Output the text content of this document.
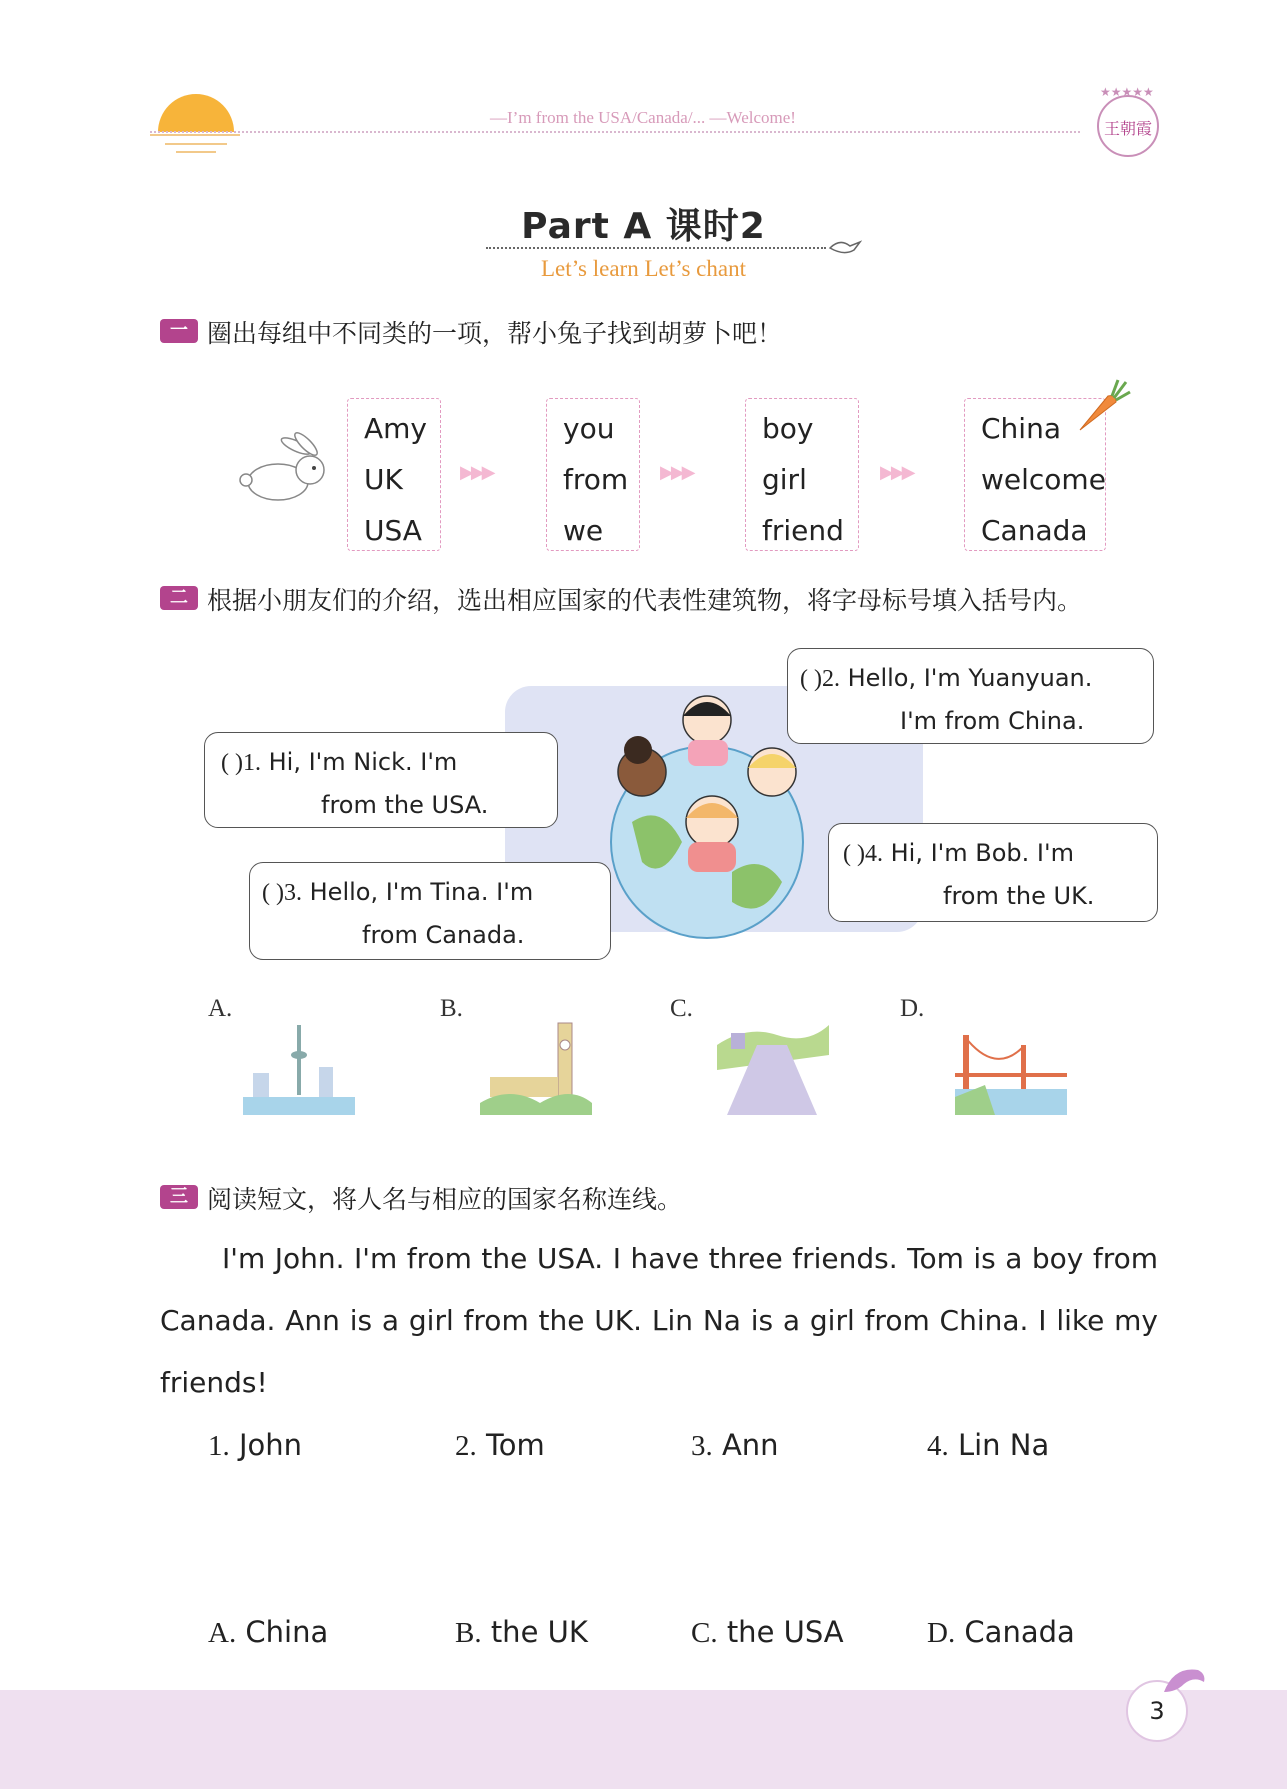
—I’m from the USA/Canada/... —Welcome!
★★★★★
王朝霞
Part A 课时2
Let’s learn Let’s chant
一 圈出每组中不同类的一项，帮小兔子找到胡萝卜吧！
Amy
UK
USA
▶▶▶
you
from
we
▶▶▶
boy
girl
friend
▶▶▶
China
welcome
Canada
二 根据小朋友们的介绍，选出相应国家的代表性建筑物，将字母标号填入括号内。
( )1. Hi, I'm Nick. I'm
from the USA.
( )2. Hello, I'm Yuanyuan.
I'm from China.
( )3. Hello, I'm Tina. I'm
from Canada.
( )4. Hi, I'm Bob. I'm
from the UK.
A.	B.	C.	D.
三 阅读短文，将人名与相应的国家名称连线。
I'm John. I'm from the USA. I have three friends. Tom is a boy from Canada. Ann is a girl from the UK. Lin Na is a girl from China. I like my friends!
1. John	2. Tom	3. Ann	4. Lin Na
A. China	B. the UK	C. the USA	D. Canada
3
